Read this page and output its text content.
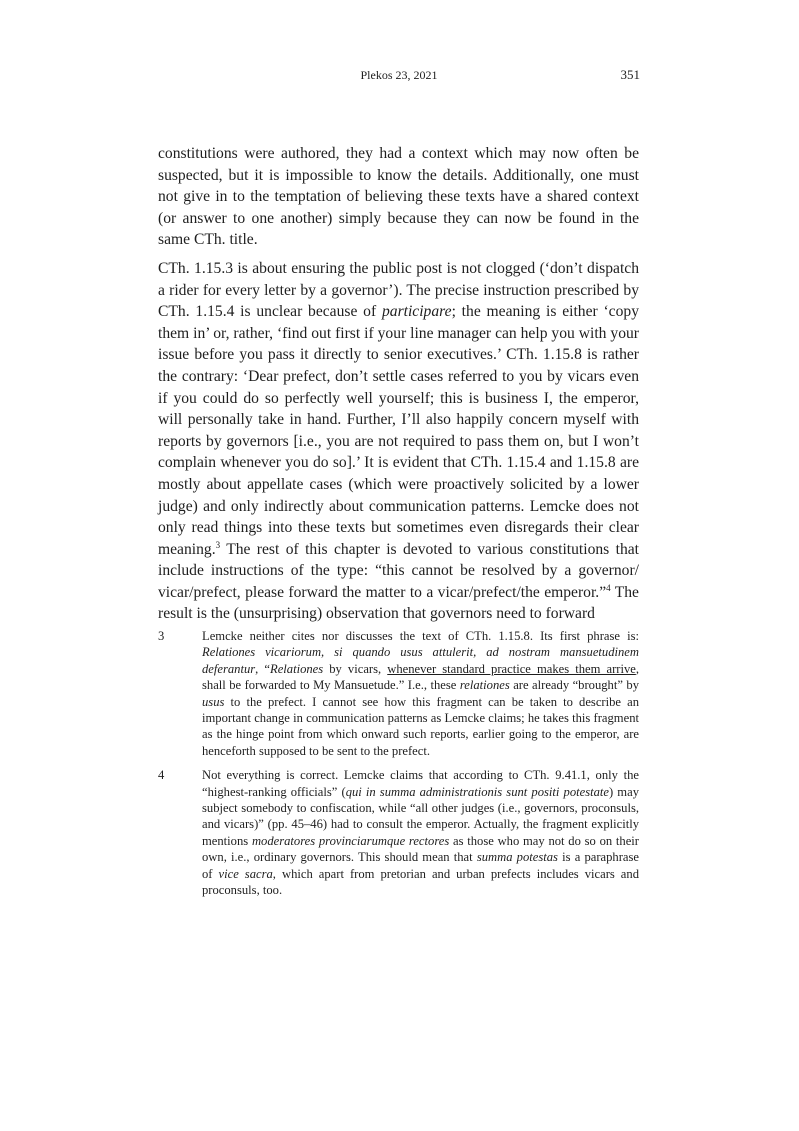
Plekos 23, 2021	351

constitutions were authored, they had a context which may now often be suspected, but it is impossible to know the details. Additionally, one must not give in to the temptation of believing these texts have a shared context (or answer to one another) simply because they can now be found in the same CTh. title.

CTh. 1.15.3 is about ensuring the public post is not clogged (‘don’t dispatch a rider for every letter by a governor’). The precise instruction prescribed by CTh. 1.15.4 is unclear because of participare; the meaning is either ‘copy them in’ or, rather, ‘find out first if your line manager can help you with your issue before you pass it directly to senior executives.’ CTh. 1.15.8 is rather the contrary: ‘Dear prefect, don’t settle cases referred to you by vicars even if you could do so perfectly well yourself; this is business I, the emperor, will personally take in hand. Further, I’ll also happily concern myself with reports by governors [i.e., you are not required to pass them on, but I won’t complain whenever you do so].’ It is evident that CTh. 1.15.4 and 1.15.8 are mostly about appellate cases (which were proactively solicited by a lower judge) and only indirectly about communication patterns. Lemcke does not only read things into these texts but sometimes even disregards their clear meaning.$^3$ The rest of this chapter is devoted to various constitutions that include instructions of the type: “this cannot be resolved by a governor/ vicar/prefect, please forward the matter to a vicar/prefect/the emperor.”$^4$ The result is the (unsurprising) observation that governors need to forward

3	Lemcke neither cites nor discusses the text of CTh. 1.15.8. Its first phrase is: Relationes vicariorum, si quando usus attulerit, ad nostram mansuetudinem deferantur, “Relationes by vicars, whenever standard practice makes them arrive, shall be forwarded to My Mansuetude.” I.e., these relationes are already “brought” by usus to the prefect. I cannot see how this fragment can be taken to describe an important change in communication patterns as Lemcke claims; he takes this fragment as the hinge point from which onward such reports, earlier going to the emperor, are henceforth supposed to be sent to the prefect.
4	Not everything is correct. Lemcke claims that according to CTh. 9.41.1, only the “highest-ranking officials” (qui in summa administrationis sunt positi potestate) may subject somebody to confiscation, while “all other judges (i.e., governors, proconsuls, and vicars)” (pp. 45–46) had to consult the emperor. Actually, the fragment explicitly mentions moderatores provinciarumque rectores as those who may not do so on their own, i.e., ordinary governors. This should mean that summa potestas is a paraphrase of vice sacra, which apart from pretorian and urban prefects includes vicars and proconsuls, too.
